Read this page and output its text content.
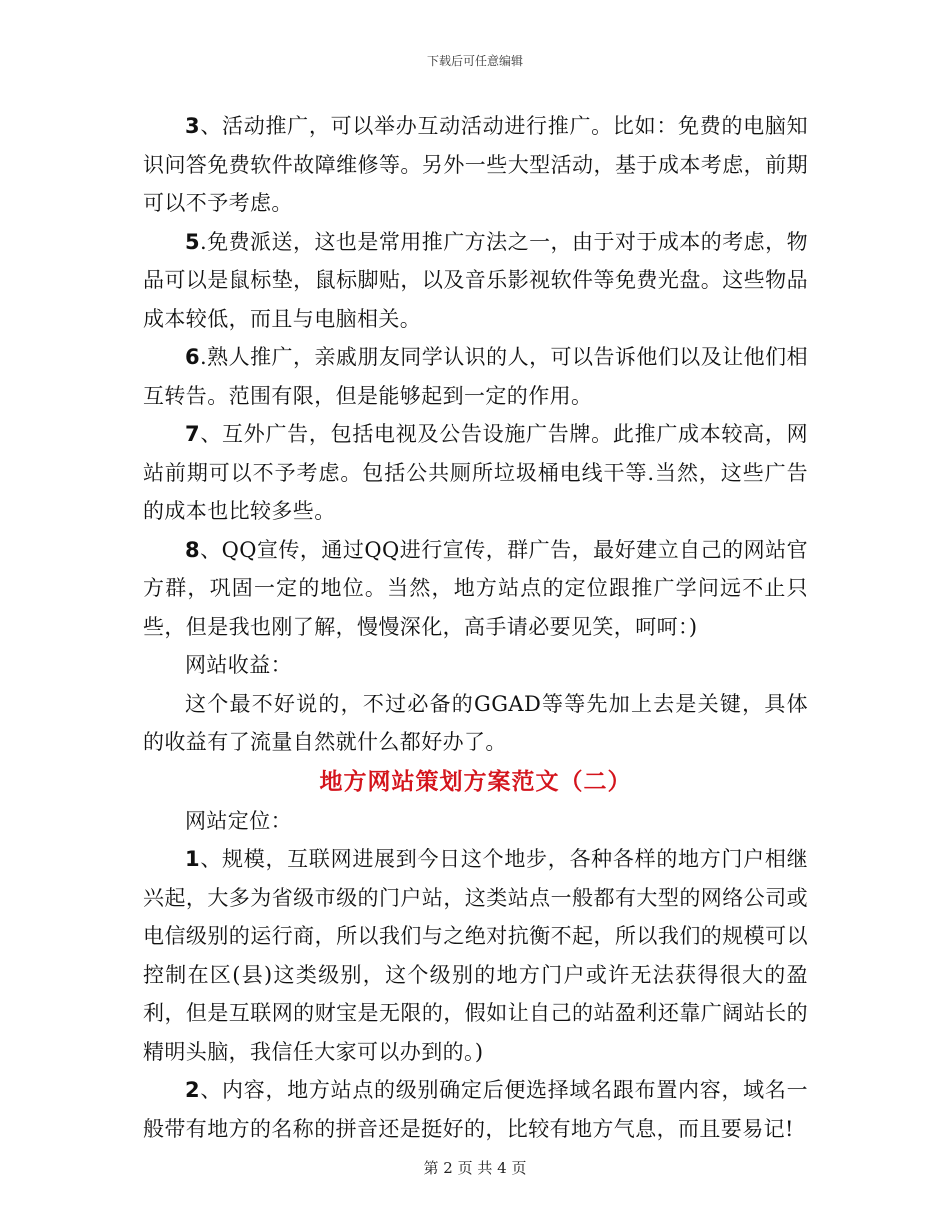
下载后可任意编辑

3、活动推广，可以举办互动活动进行推广。比如：免费的电脑知识问答免费软件故障维修等。另外一些大型活动，基于成本考虑，前期可以不予考虑。

5.免费派送，这也是常用推广方法之一，由于对于成本的考虑，物品可以是鼠标垫，鼠标脚贴，以及音乐影视软件等免费光盘。这些物品成本较低，而且与电脑相关。

6.熟人推广，亲戚朋友同学认识的人，可以告诉他们以及让他们相互转告。范围有限，但是能够起到一定的作用。

7、互外广告，包括电视及公告设施广告牌。此推广成本较高，网站前期可以不予考虑。包括公共厕所垃圾桶电线干等.当然，这些广告的成本也比较多些。

8、QQ宣传，通过QQ进行宣传，群广告，最好建立自己的网站官方群，巩固一定的地位。当然，地方站点的定位跟推广学问远不止只些，但是我也刚了解，慢慢深化，高手请必要见笑，呵呵：)

网站收益：

这个最不好说的，不过必备的GGAD等等先加上去是关键，具体的收益有了流量自然就什么都好办了。

地方网站策划方案范文（二）

网站定位：

1、规模，互联网进展到今日这个地步，各种各样的地方门户相继兴起，大多为省级市级的门户站，这类站点一般都有大型的网络公司或电信级别的运行商，所以我们与之绝对抗衡不起，所以我们的规模可以控制在区(县)这类级别，这个级别的地方门户或许无法获得很大的盈利，但是互联网的财宝是无限的，假如让自己的站盈利还靠广阔站长的精明头脑，我信任大家可以办到的。)

2、内容，地方站点的级别确定后便选择域名跟布置内容，域名一般带有地方的名称的拼音还是挺好的，比较有地方气息，而且要易记!

第 2 页 共 4 页
